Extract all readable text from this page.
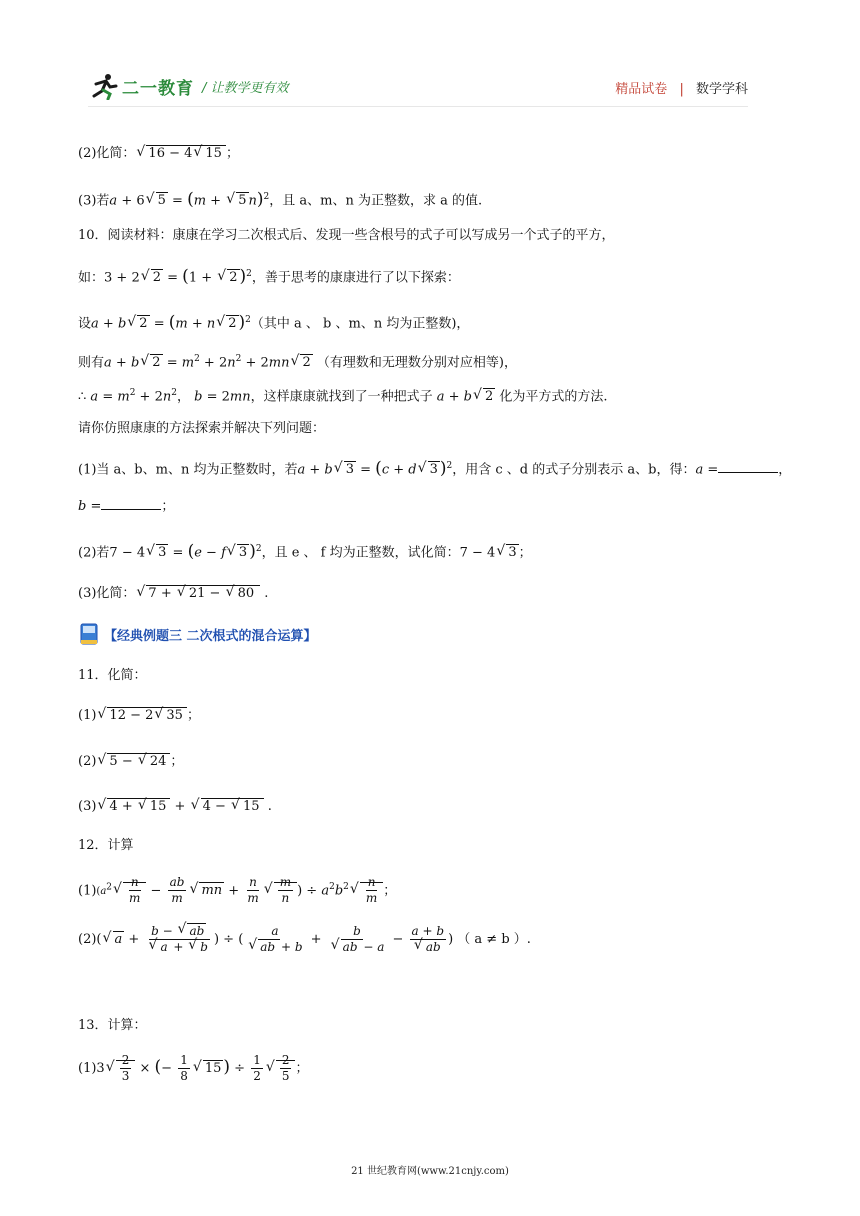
二一教育 / 让教学更有效	精品试卷 | 数学学科
(2)化简：√ 16 − 4√ 15 ；
(3)若a + 6√ 5 = (m + √ 5 n)$^2$，且 a、m、n 为正整数，求 a 的值.
10．阅读材料：康康在学习二次根式后、发现一些含根号的式子可以写成另一个式子的平方，
如：3 + 2√ 2 = (1 + √ 2 )$^2$，善于思考的康康进行了以下探索：
设a + b√ 2 = (m + n√ 2 )$^2$（其中 a 、 b 、m、n 均为正整数)，
则有a + b√ $2 = m^2 + 2n^2 + 2mn√$ 2 （有理数和无理数分别对应相等)，
∴ $a = m^2 + 2n^2$， b = 2mn，这样康康就找到了一种把式子 a + b√ 2 化为平方式的方法.
请你仿照康康的方法探索并解决下列问题：
(1)当 a、b、m、n 均为正整数时，若a + b√ 3 = (c + d√ 3 )$^2$，用含 c 、d 的式子分别表示 a、b，得：a =	，
b =	；
(2)若7 − 4√ 3 = (e − f√ 3 )$^2$，且 e 、 f 均为正整数，试化简：7 − 4√ 3 ；
(3)化简：√ 7 + √ 21 − √ 80 .
【经典例题三 二次根式的混合运算】
11．化简：
(1)√ 12 − 2√ 35 ；
(2)√ 5 − √ 24 ；
(3)√ 4 + √ 15 + √ 4 − √ 15 .
12．计算
$(1)(a^2$
√ $\frac{n}{m} - \frac{ab}{m}$
√ mn + $\frac{n}{m}$
√ $\frac{m}{n}$ ) ÷ $a^2b^2$
√ $\frac{n}{m}$ ；
(2)(√ a + b − √ ab
√ a + √ b ) ÷ ( a
√ ab + b + b
√ ab − a − a + b
√ ab ) （ a ≠ b ）.
13．计算：
(1)3
√ $\frac{2}{3}$ × (− $\frac{1}{8}$
√ 15 ) ÷ $\frac{1}{2}$
√ $\frac{2}{5}$ ；
21 世纪教育网(www.21cnjy.com)
